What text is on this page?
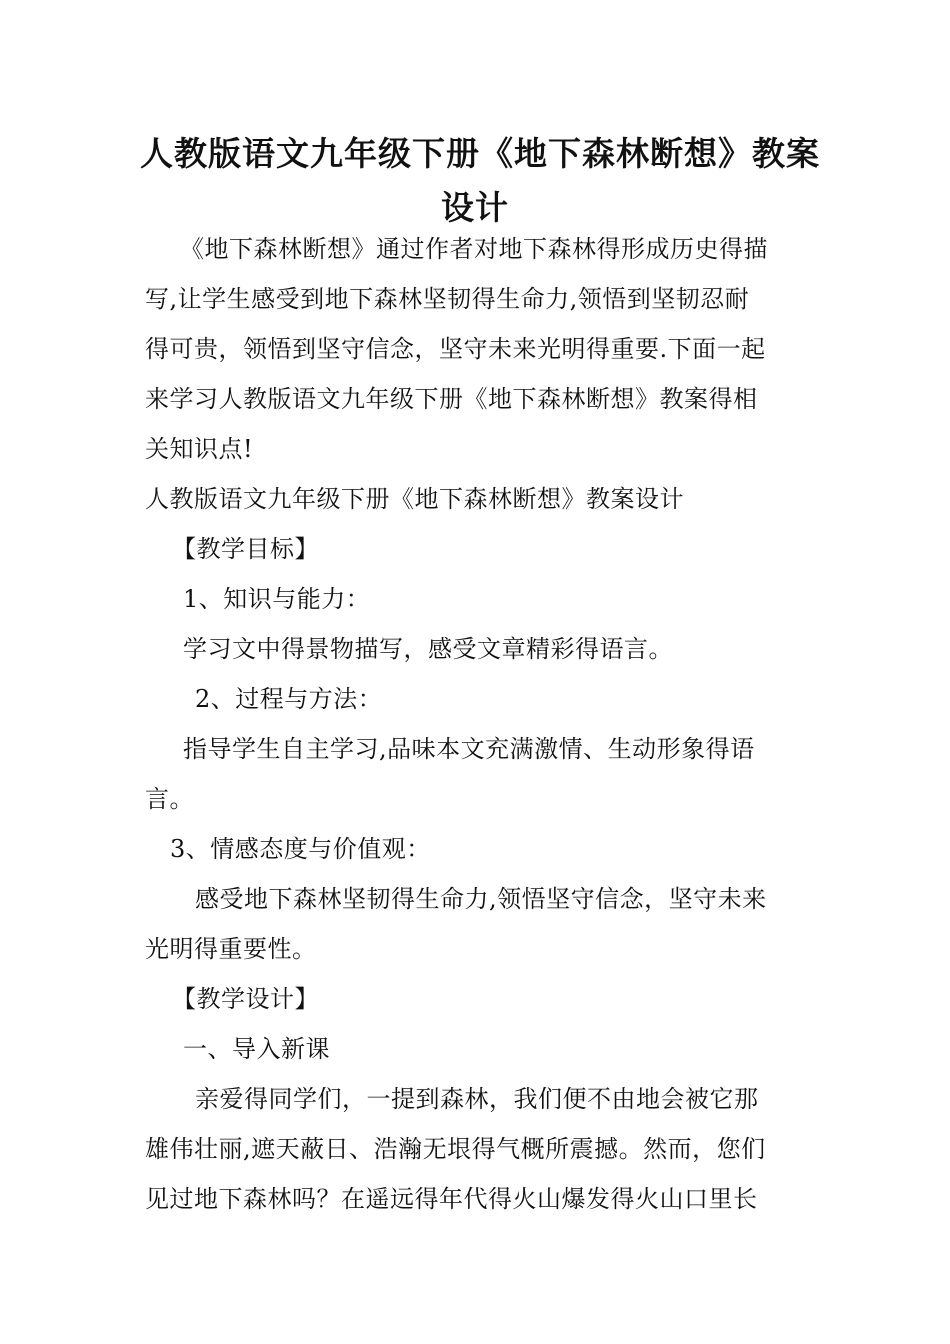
人教版语文九年级下册《地下森林断想》教案
设计
《地下森林断想》通过作者对地下森林得形成历史得描
写,让学生感受到地下森林坚韧得生命力,领悟到坚韧忍耐
得可贵，领悟到坚守信念，坚守未来光明得重要.下面一起
来学习人教版语文九年级下册《地下森林断想》教案得相
关知识点!
人教版语文九年级下册《地下森林断想》教案设计
【教学目标】
1、知识与能力：
学习文中得景物描写，感受文章精彩得语言。
2、过程与方法：
指导学生自主学习,品味本文充满激情、生动形象得语
言。
3、情感态度与价值观：
感受地下森林坚韧得生命力,领悟坚守信念，坚守未来
光明得重要性。
【教学设计】
一、导入新课
亲爱得同学们，一提到森林，我们便不由地会被它那
雄伟壮丽,遮天蔽日、浩瀚无垠得气概所震撼。然而，您们
见过地下森林吗？在遥远得年代得火山爆发得火山口里长
